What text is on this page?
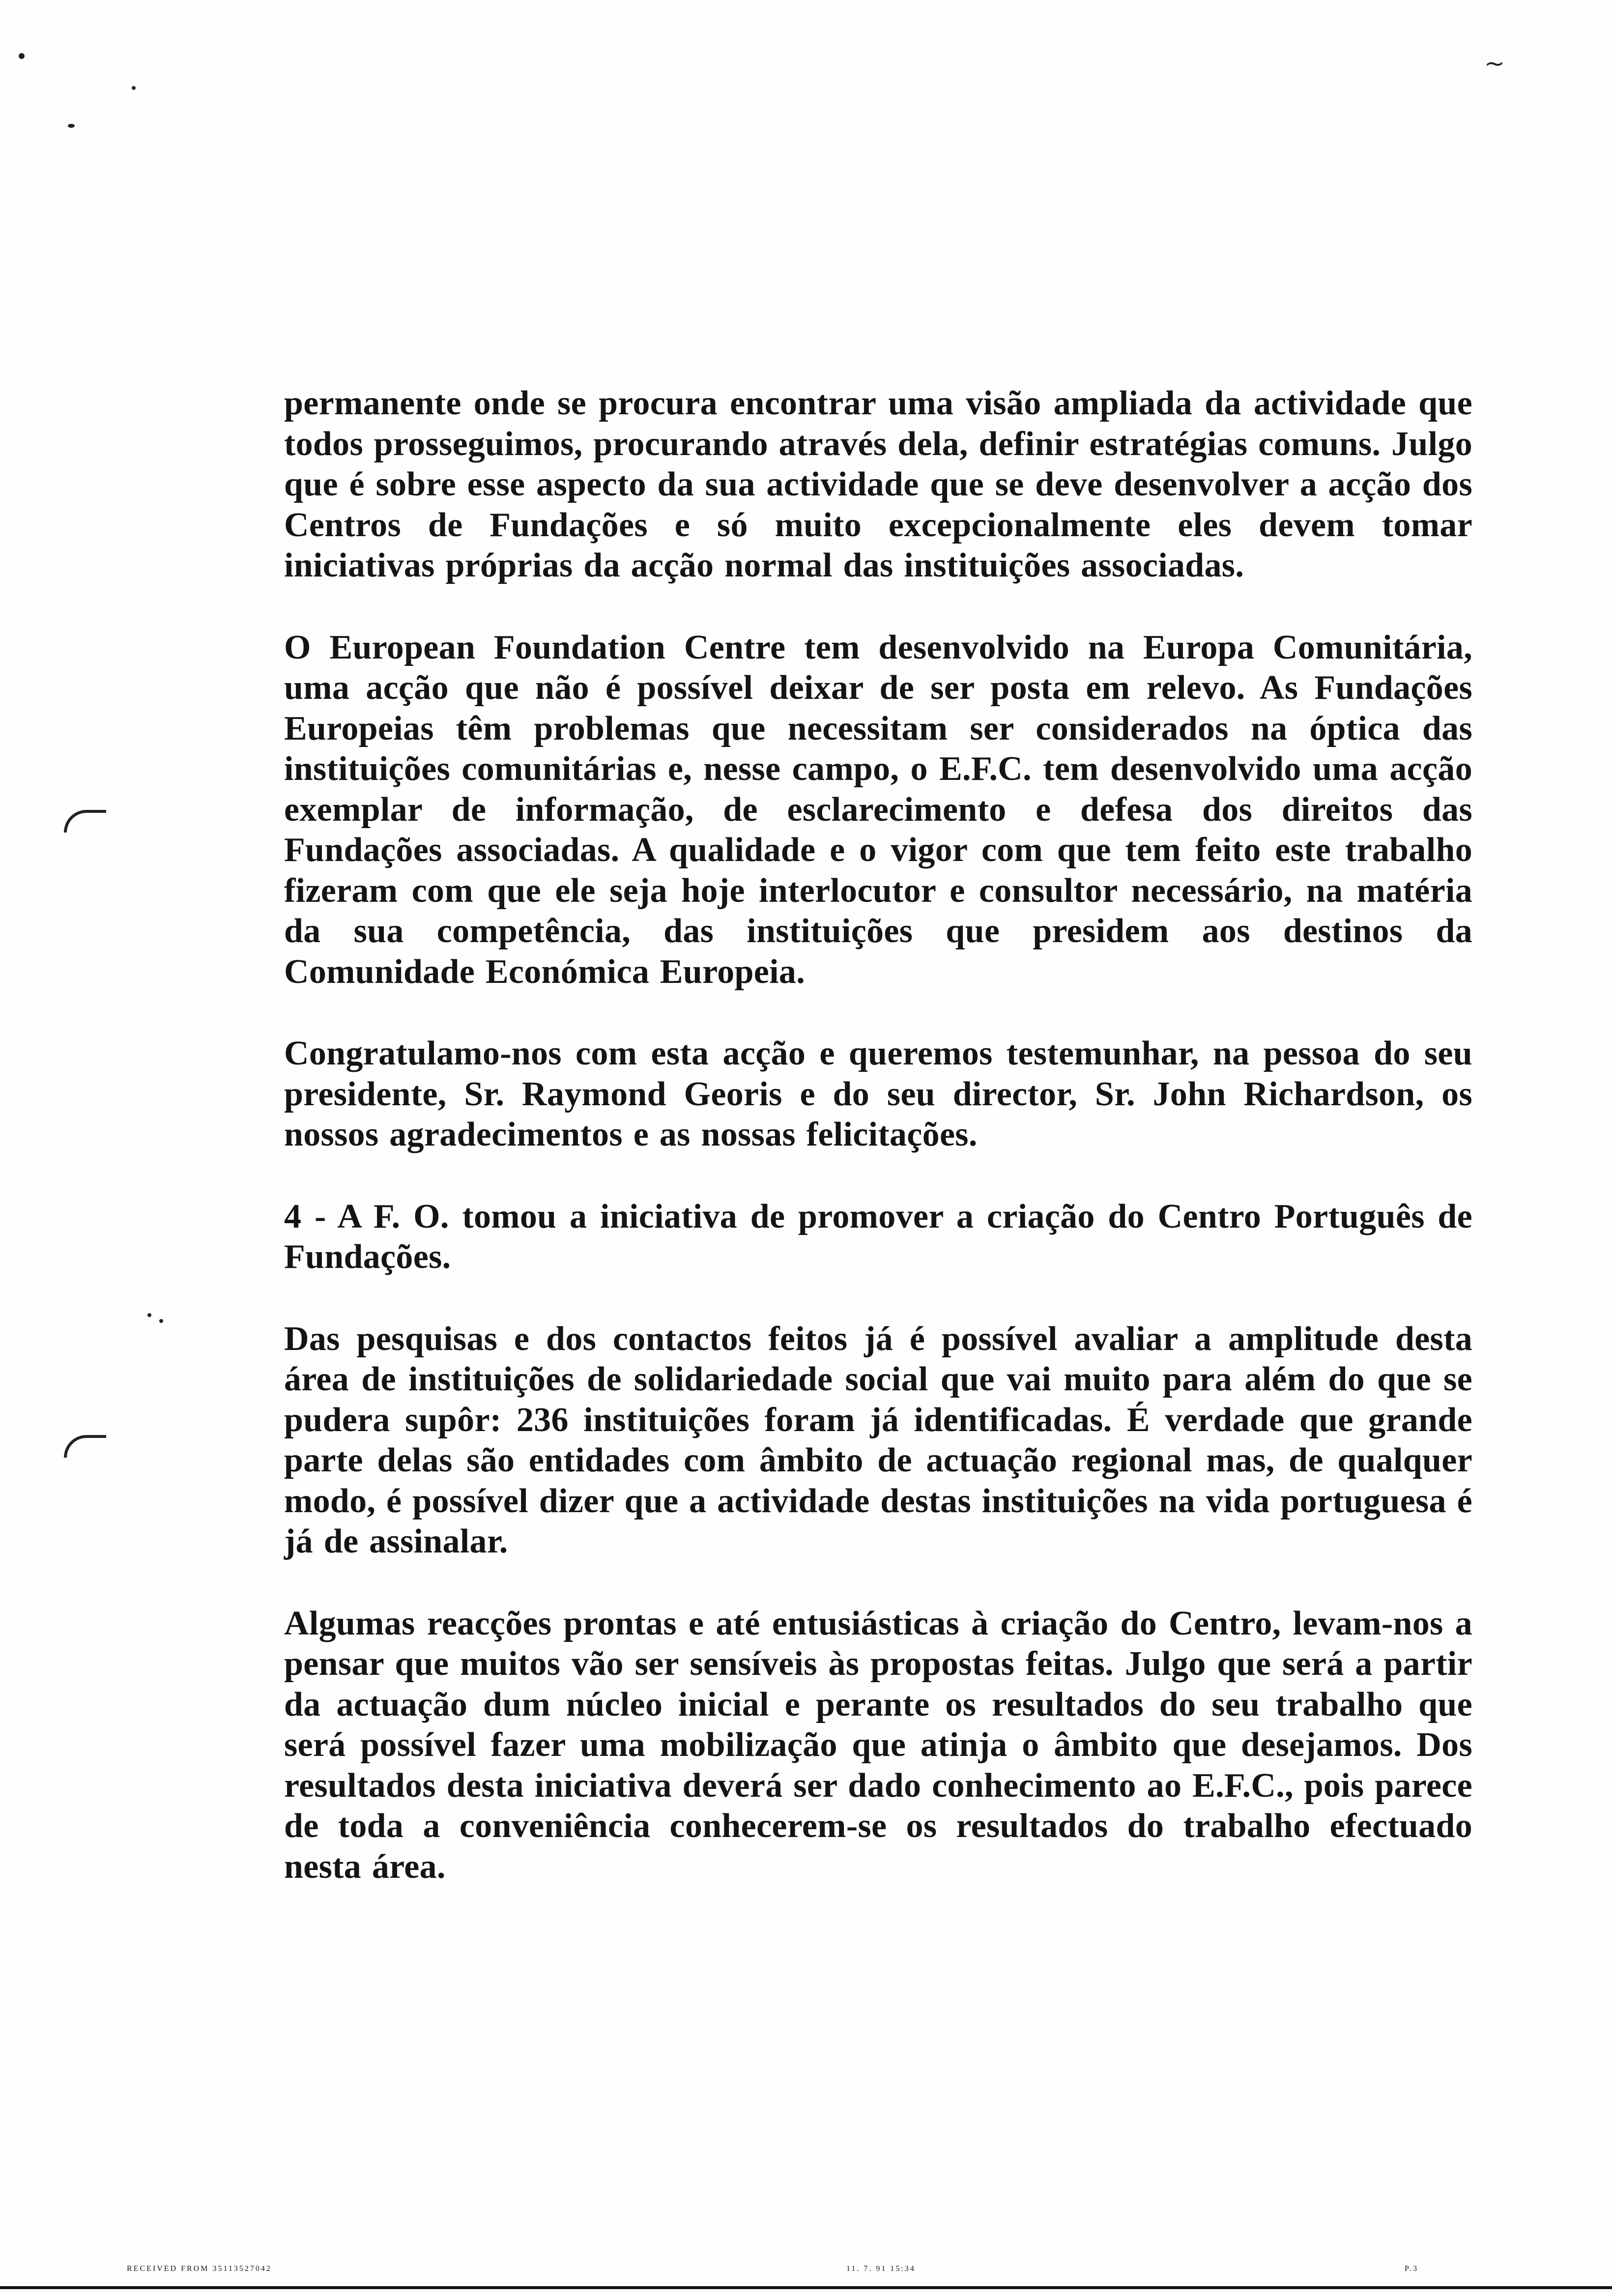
~

permanente onde se procura encontrar uma visão ampliada da actividade que todos prosseguimos, procurando através dela, definir estratégias comuns. Julgo que é sobre esse aspecto da sua actividade que se deve desenvolver a acção dos Centros de Fundações e só muito excepcionalmente eles devem tomar iniciativas próprias da acção normal das instituições associadas.

O European Foundation Centre tem desenvolvido na Europa Comunitária, uma acção que não é possível deixar de ser posta em relevo. As Fundações Europeias têm problemas que necessitam ser considerados na óptica das instituições comunitárias e, nesse campo, o E.F.C. tem desenvolvido uma acção exemplar de informação, de esclarecimento e defesa dos direitos das Fundações associadas. A qualidade e o vigor com que tem feito este trabalho fizeram com que ele seja hoje interlocutor e consultor necessário, na matéria da sua competência, das instituições que presidem aos destinos da Comunidade Económica Europeia.

Congratulamo-nos com esta acção e queremos testemunhar, na pessoa do seu presidente, Sr. Raymond Georis e do seu director, Sr. John Richardson, os nossos agradecimentos e as nossas felicitações.

4 - A F. O. tomou a iniciativa de promover a criação do Centro Português de Fundações.

Das pesquisas e dos contactos feitos já é possível avaliar a amplitude desta área de instituições de solidariedade social que vai muito para além do que se pudera supôr: 236 instituições foram já identificadas. É verdade que grande parte delas são entidades com âmbito de actuação regional mas, de qualquer modo, é possível dizer que a actividade destas instituições na vida portuguesa é já de assinalar.

Algumas reacções prontas e até entusiásticas à criação do Centro, levam-nos a pensar que muitos vão ser sensíveis às propostas feitas. Julgo que será a partir da actuação dum núcleo inicial e perante os resultados do seu trabalho que será possível fazer uma mobilização que atinja o âmbito que desejamos. Dos resultados desta iniciativa deverá ser dado conhecimento ao E.F.C., pois parece de toda a conveniência conhecerem-se os resultados do trabalho efectuado nesta área.

RECEIVED FROM 35113527042	11. 7. 91 15:34	P.3
